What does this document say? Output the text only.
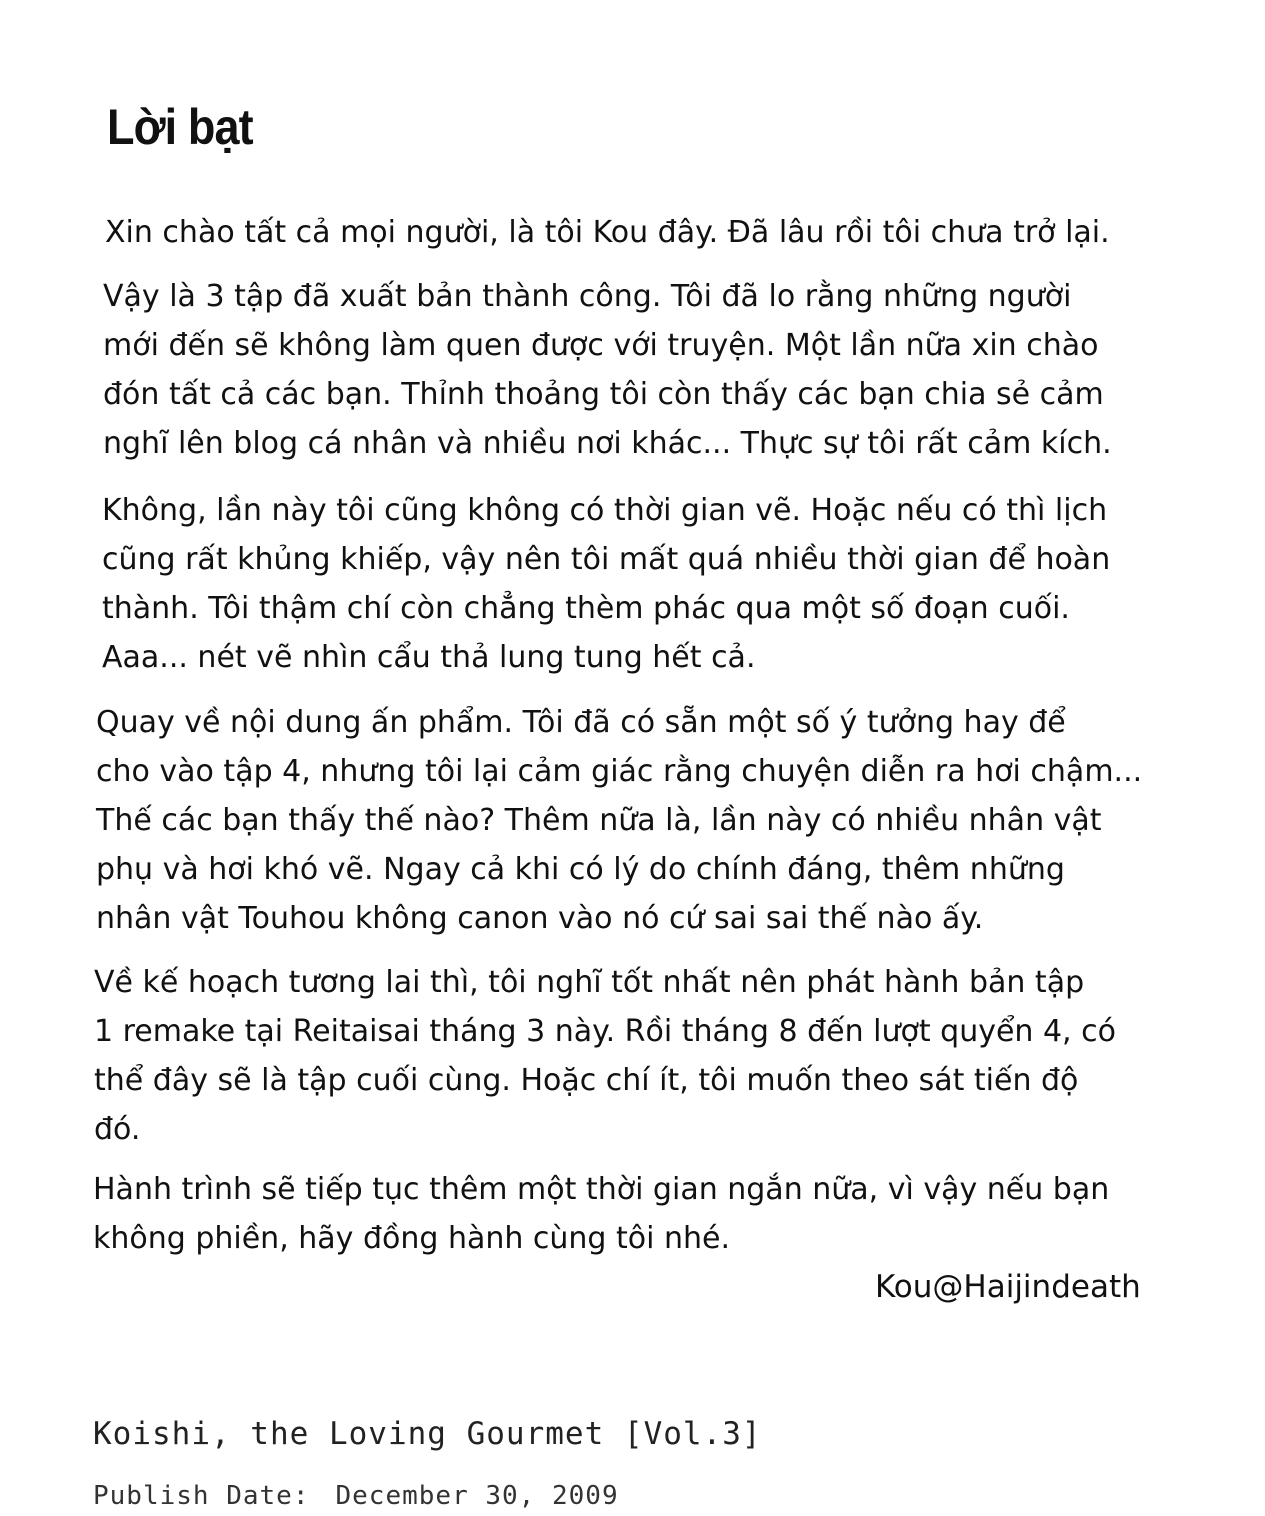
Lời bạt
Xin chào tất cả mọi người, là tôi Kou đây. Đã lâu rồi tôi chưa trở lại.
Vậy là 3 tập đã xuất bản thành công. Tôi đã lo rằng những người
mới đến sẽ không làm quen được với truyện. Một lần nữa xin chào
đón tất cả các bạn. Thỉnh thoảng tôi còn thấy các bạn chia sẻ cảm
nghĩ lên blog cá nhân và nhiều nơi khác... Thực sự tôi rất cảm kích.
Không, lần này tôi cũng không có thời gian vẽ. Hoặc nếu có thì lịch
cũng rất khủng khiếp, vậy nên tôi mất quá nhiều thời gian để hoàn
thành. Tôi thậm chí còn chẳng thèm phác qua một số đoạn cuối.
Aaa... nét vẽ nhìn cẩu thả lung tung hết cả.
Quay về nội dung ấn phẩm. Tôi đã có sẵn một số ý tưởng hay để
cho vào tập 4, nhưng tôi lại cảm giác rằng chuyện diễn ra hơi chậm...
Thế các bạn thấy thế nào? Thêm nữa là, lần này có nhiều nhân vật
phụ và hơi khó vẽ. Ngay cả khi có lý do chính đáng, thêm những
nhân vật Touhou không canon vào nó cứ sai sai thế nào ấy.
Về kế hoạch tương lai thì, tôi nghĩ tốt nhất nên phát hành bản tập
1 remake tại Reitaisai tháng 3 này. Rồi tháng 8 đến lượt quyển 4, có
thể đây sẽ là tập cuối cùng. Hoặc chí ít, tôi muốn theo sát tiến độ
đó.
Hành trình sẽ tiếp tục thêm một thời gian ngắn nữa, vì vậy nếu bạn
không phiền, hãy đồng hành cùng tôi nhé.

Kou@Haijindeath

Koishi, the Loving Gourmet [Vol.3]

Publish Date: December 30, 2009
